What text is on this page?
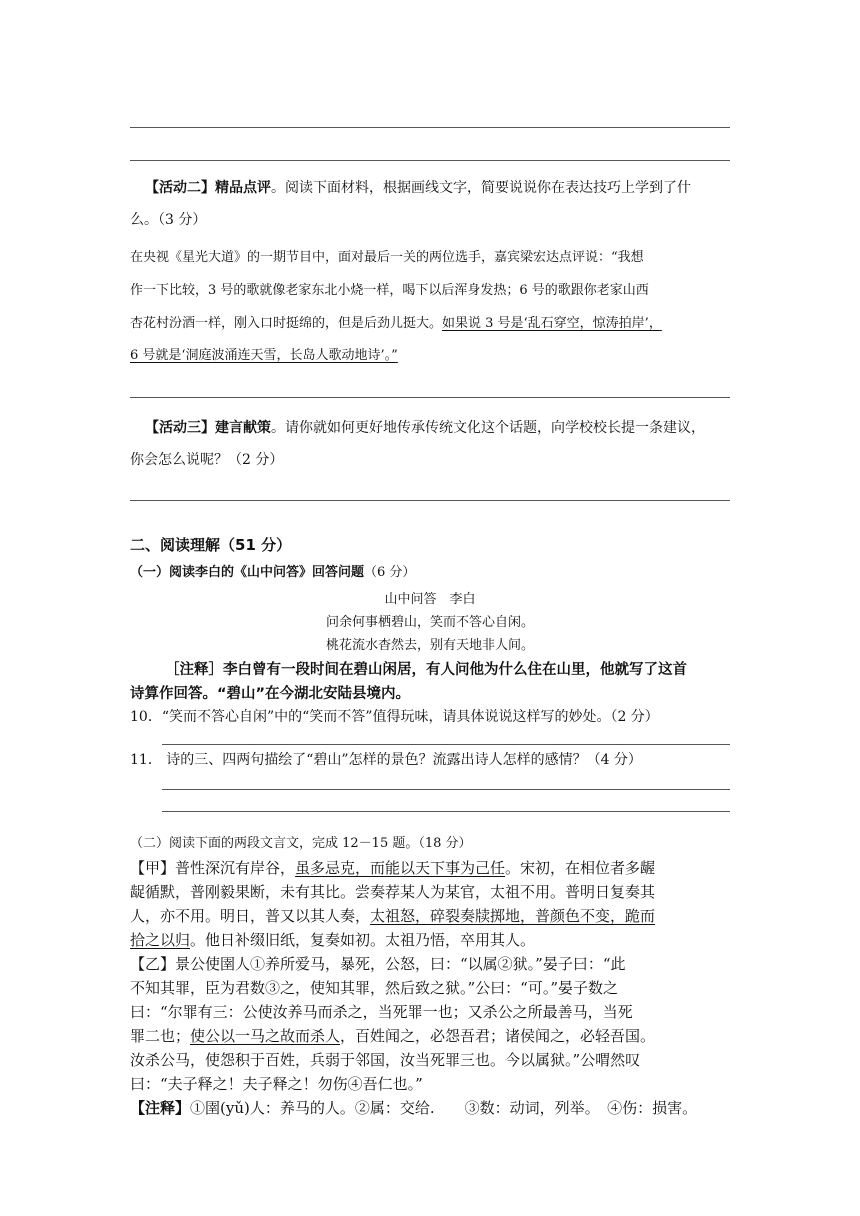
【活动二】精品点评。阅读下面材料，根据画线文字，简要说说你在表达技巧上学到了什
么。（3 分）
在央视《星光大道》的一期节目中，面对最后一关的两位选手，嘉宾梁宏达点评说：“我想
作一下比较，3 号的歌就像老家东北小烧一样，喝下以后浑身发热；6 号的歌跟你老家山西
杏花村汾酒一样，刚入口时挺绵的，但是后劲儿挺大。如果说 3 号是‘乱石穿空，惊涛拍岸’，
6 号就是‘洞庭波涌连天雪，长岛人歌动地诗’。”
【活动三】建言献策。请你就如何更好地传承传统文化这个话题，向学校校长提一条建议，
你会怎么说呢？（2 分）
二、阅读理解（51 分）
（一）阅读李白的《山中问答》回答问题（6 分）
山中问答　李白
问余何事栖碧山，笑而不答心自闲。
桃花流水杳然去，别有天地非人间。
［注释］李白曾有一段时间在碧山闲居，有人问他为什么住在山里，他就写了这首
诗算作回答。“碧山”在今湖北安陆县境内。
10．“笑而不答心自闲”中的“笑而不答”值得玩味，请具体说说这样写的妙处。（2 分）
11． 诗的三、四两句描绘了“碧山”怎样的景色？流露出诗人怎样的感情？（4 分）
（二）阅读下面的两段文言文，完成 12－15 题。（18 分）
【甲】普性深沉有岸谷，虽多忌克，而能以天下事为己任。宋初，在相位者多龌
龊循默，普刚毅果断，未有其比。尝奏荐某人为某官，太祖不用。普明日复奏其
人，亦不用。明日，普又以其人奏，太祖怒，碎裂奏牍掷地，普颜色不变，跪而
拾之以归。他日补缀旧纸，复奏如初。太祖乃悟，卒用其人。
【乙】景公使圉人①养所爱马，暴死，公怒，曰：“以属②狱。”晏子曰：“此
不知其罪，臣为君数③之，使知其罪，然后致之狱。”公曰：“可。”晏子数之
曰：“尔罪有三：公使汝养马而杀之，当死罪一也；又杀公之所最善马，当死
罪二也；使公以一马之故而杀人，百姓闻之，必怨吾君；诸侯闻之，必轻吾国。
汝杀公马，使怨积于百姓，兵弱于邻国，汝当死罪三也。今以属狱。”公喟然叹
曰：“夫子释之！夫子释之！勿伤④吾仁也。”
【注释】①圉(yǔ)人：养马的人。②属：交给.　　③数：动词，列举。　④伤：损害。
